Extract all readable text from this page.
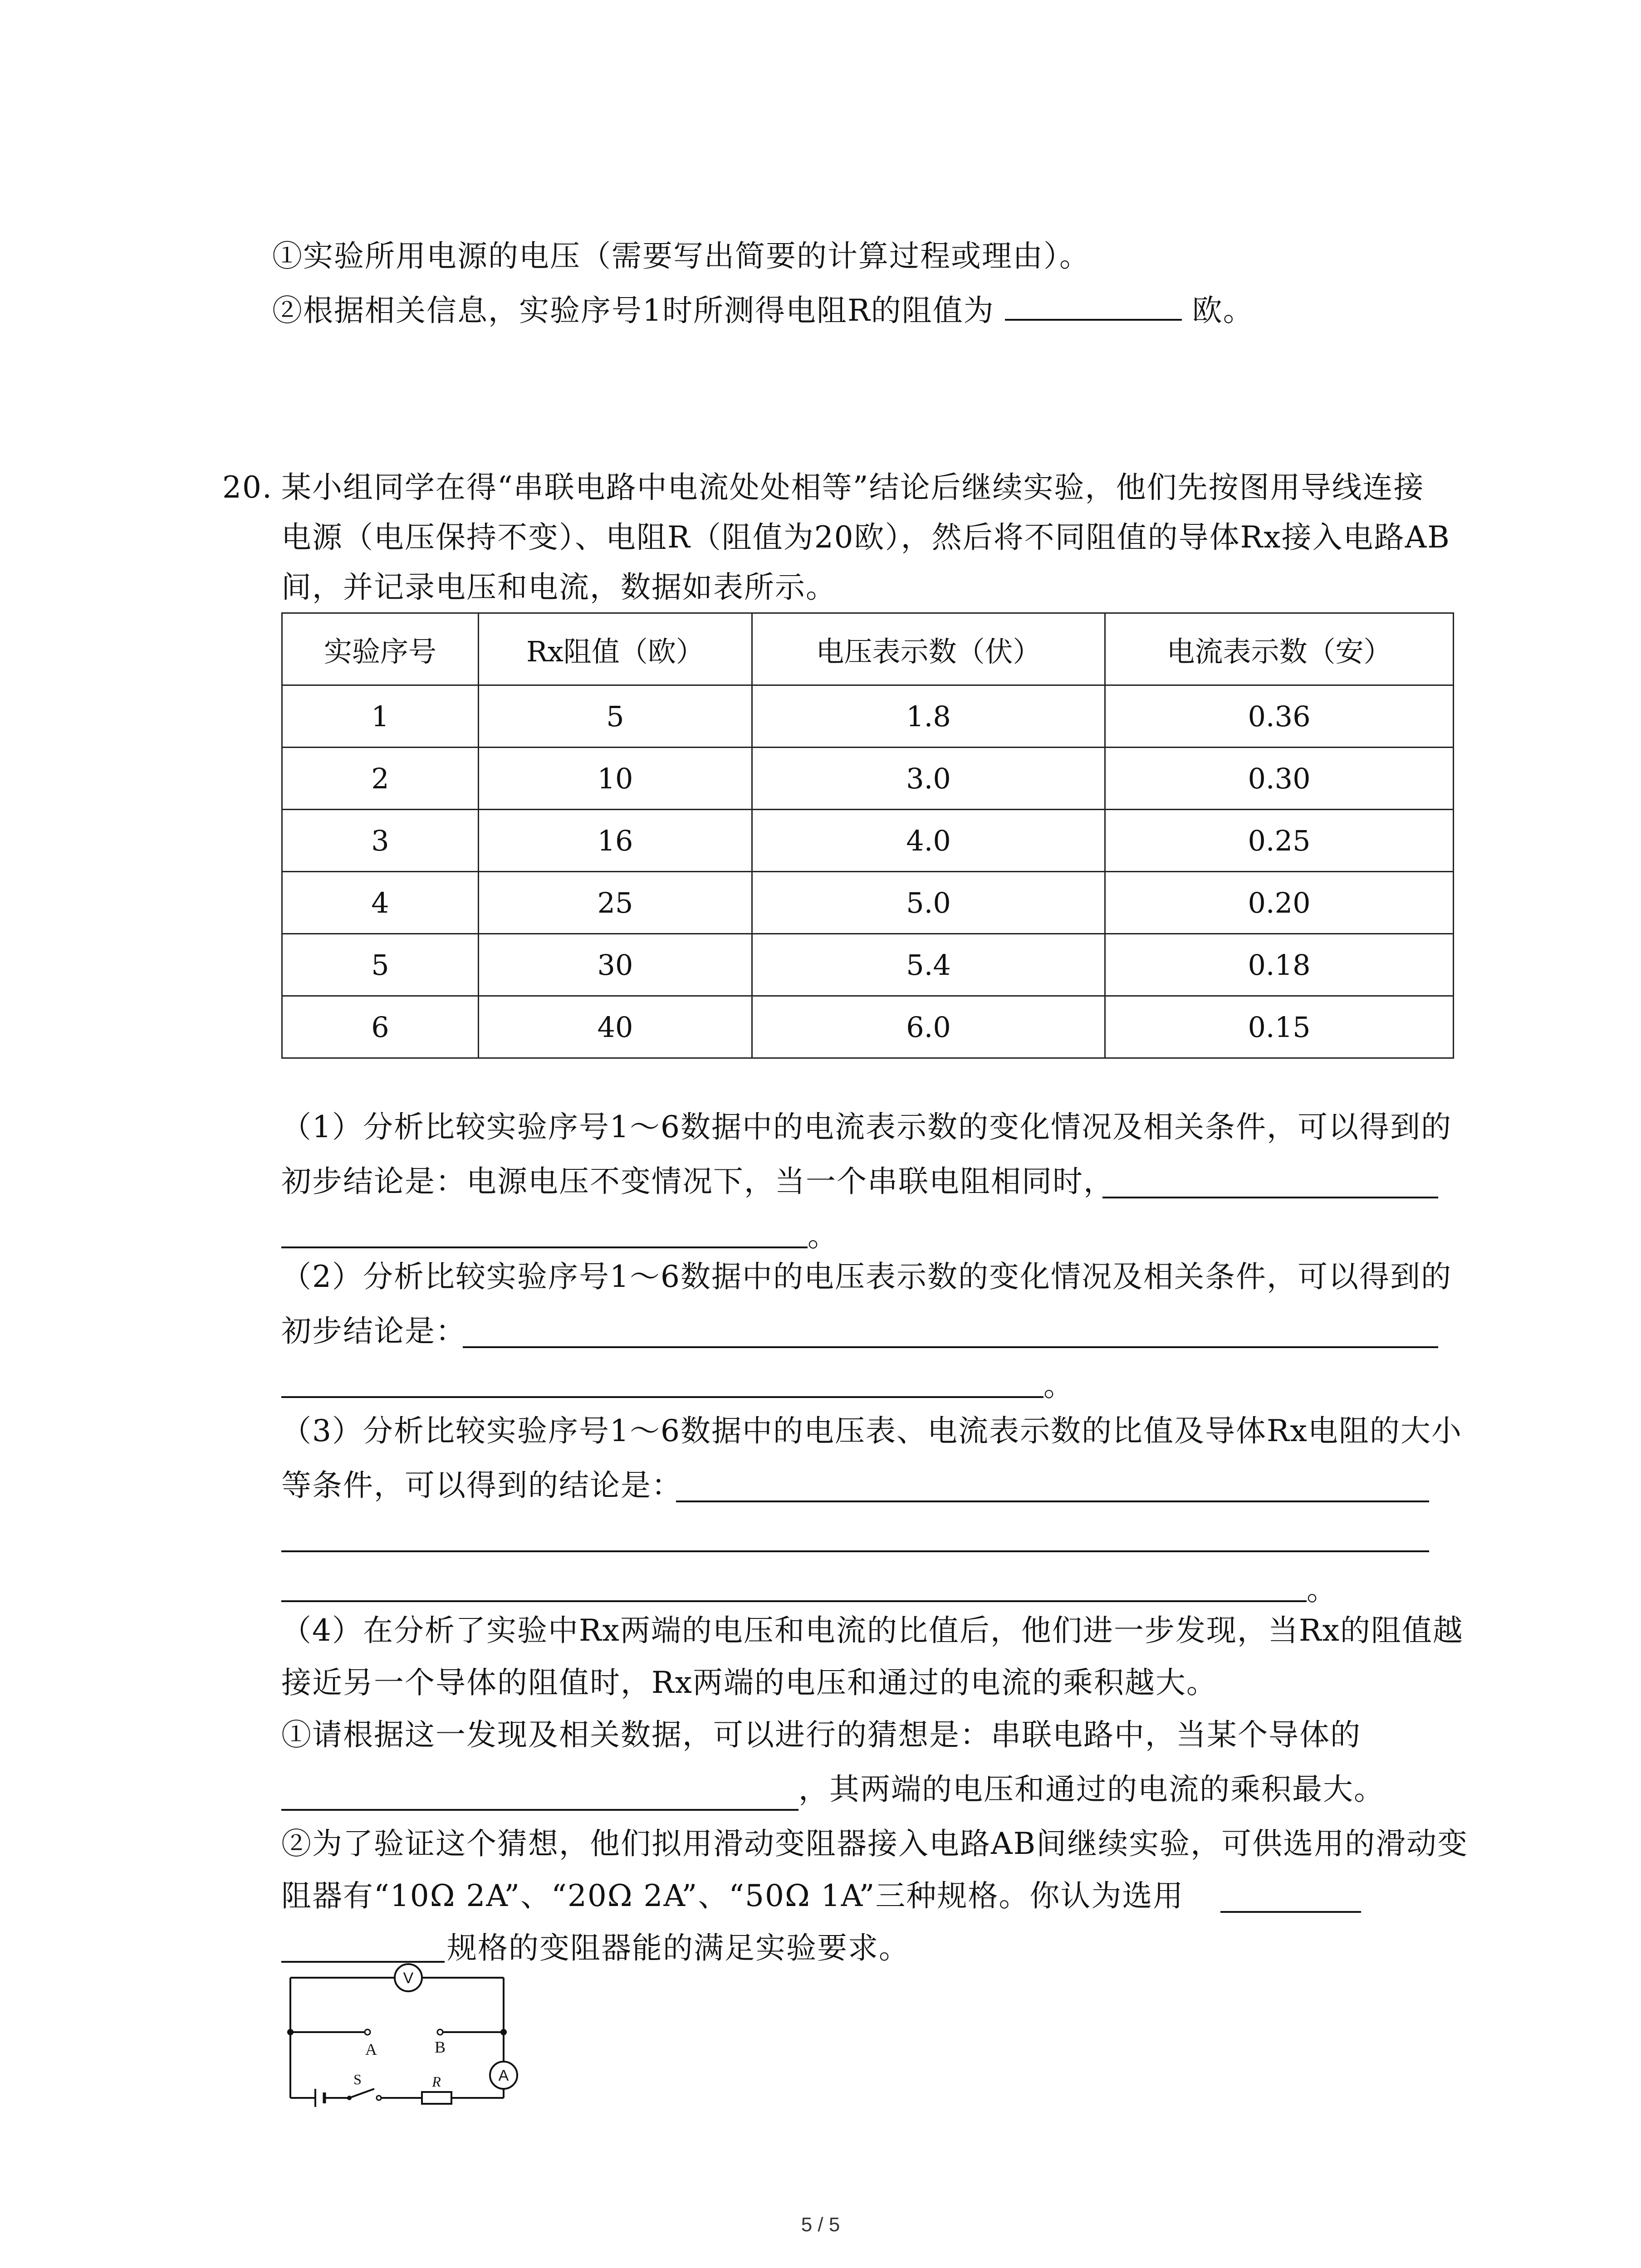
①实验所用电源的电压（需要写出简要的计算过程或理由）。
②根据相关信息，实验序号1时所测得电阻R的阻值为	欧。
20. 某小组同学在得“串联电路中电流处处相等”结论后继续实验，他们先按图用导线连接
电源（电压保持不变）、电阻R（阻值为20欧），然后将不同阻值的导体Rx接入电路AB
间，并记录电压和电流，数据如表所示。
实验序号	Rx阻值（欧）	电压表示数（伏）	电流表示数（安）
1	5	1.8	0.36
2	10	3.0	0.30
3	16	4.0	0.25
4	25	5.0	0.20
5	30	5.4	0.18
6	40	6.0	0.15
（1）分析比较实验序号1～6数据中的电流表示数的变化情况及相关条件，可以得到的
初步结论是：电源电压不变情况下，当一个串联电阻相同时，
。
（2）分析比较实验序号1～6数据中的电压表示数的变化情况及相关条件，可以得到的
初步结论是：
。
（3）分析比较实验序号1～6数据中的电压表、电流表示数的比值及导体Rx电阻的大小
等条件，可以得到的结论是：
。
（4）在分析了实验中Rx两端的电压和电流的比值后，他们进一步发现，当Rx的阻值越
接近另一个导体的阻值时，Rx两端的电压和通过的电流的乘积越大。
①请根据这一发现及相关数据，可以进行的猜想是：串联电路中，当某个导体的
，其两端的电压和通过的电流的乘积最大。
②为了验证这个猜想，他们拟用滑动变阻器接入电路AB间继续实验，可供选用的滑动变
阻器有“10Ω 2A”、“20Ω 2A”、“50Ω 1A”三种规格。你认为选用
规格的变阻器能的满足实验要求。
V
A
A	B
S	R
5 / 5
